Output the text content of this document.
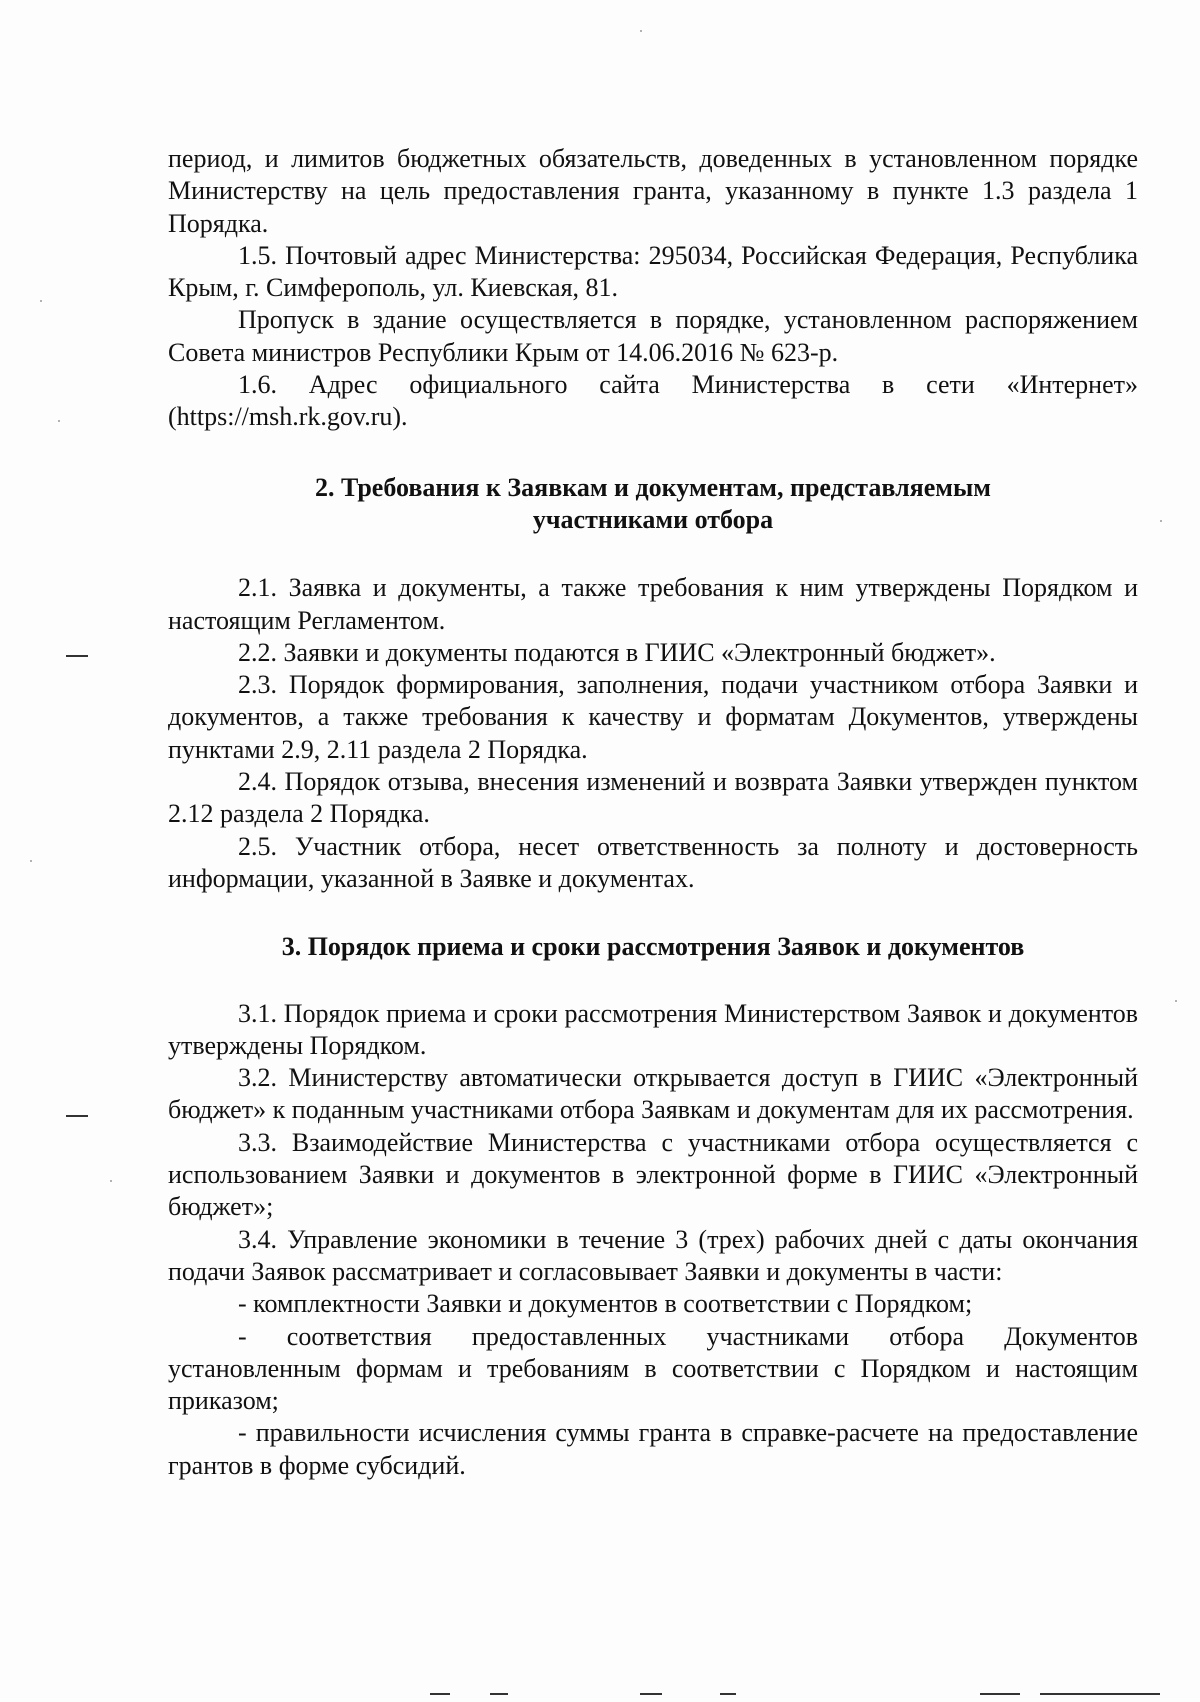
период, и лимитов бюджетных обязательств, доведенных в установленном порядке Министерству на цель предоставления гранта, указанному в пункте 1.3 раздела 1 Порядка.

1.5. Почтовый адрес Министерства: 295034, Российская Федерация, Республика Крым, г. Симферополь, ул. Киевская, 81.

Пропуск в здание осуществляется в порядке, установленном распоряжением Совета министров Республики Крым от 14.06.2016 № 623-р.

1.6. Адрес официального сайта Министерства в сети «Интернет» (https://msh.rk.gov.ru).

2. Требования к Заявкам и документам, представляемым
участниками отбора

2.1. Заявка и документы, а также требования к ним утверждены Порядком и настоящим Регламентом.

2.2. Заявки и документы подаются в ГИИС «Электронный бюджет».

2.3. Порядок формирования, заполнения, подачи участником отбора Заявки и документов, а также требования к качеству и форматам Документов, утверждены пунктами 2.9, 2.11 раздела 2 Порядка.

2.4. Порядок отзыва, внесения изменений и возврата Заявки утвержден пунктом 2.12 раздела 2 Порядка.

2.5. Участник отбора, несет ответственность за полноту и достоверность информации, указанной в Заявке и документах.

3. Порядок приема и сроки рассмотрения Заявок и документов

3.1. Порядок приема и сроки рассмотрения Министерством Заявок и документов утверждены Порядком.

3.2. Министерству автоматически открывается доступ в ГИИС «Электронный бюджет» к поданным участниками отбора Заявкам и документам для их рассмотрения.

3.3. Взаимодействие Министерства с участниками отбора осуществляется с использованием Заявки и документов в электронной форме в ГИИС «Электронный бюджет»;

3.4. Управление экономики в течение 3 (трех) рабочих дней с даты окончания подачи Заявок рассматривает и согласовывает Заявки и документы в части:

- комплектности Заявки и документов в соответствии с Порядком;

- соответствия предоставленных участниками отбора Документов установленным формам и требованиям в соответствии с Порядком и настоящим приказом;

- правильности исчисления суммы гранта в справке-расчете на предоставление грантов в форме субсидий.
